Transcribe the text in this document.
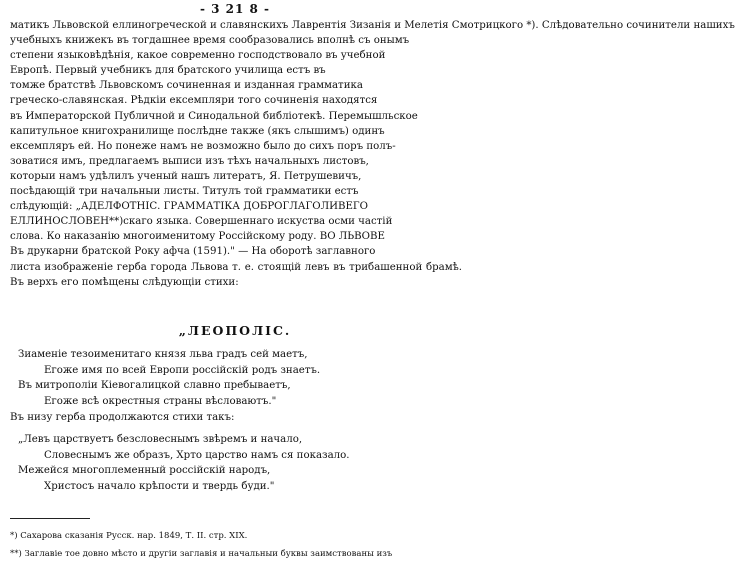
- 3 21 8 -
матикъ Львовской еллиногреческой и славянскихъ Лаврентія Зизанія и Мелетія Смотрицкого *). Слѣдовательно сочинители нашихъ
учебныхъ книжекъ въ тогдашнее время сообразовались вполнѣ съ онымъ
степени языковѣдѣнія, какое современно господствовало въ учебной
Европѣ. Первый учебникъ для братского училища естъ въ
томже братствѣ Львовскомъ сочиненная и изданная грамматика
греческо-славянская. Рѣдкіи ексемпляри того сочиненія находятся
въ Императорской Публичной и Синодальной библіотекѣ. Перемышльское
капитульное книгохранилище послѣдне также (якъ слышимъ) одинъ
ексемпляръ ей. Но понеже намъ не возможно было до сихъ поръ полъ-
зоватися имъ, предлагаемъ выписи изъ тѣхъ начальныхъ листовъ,
которыи намъ удѣлилъ ученый нашъ литератъ, Я. Петрушевичъ,
посѣдающій три начальныи листы. Титулъ той грамматики естъ
слѣдующій: „АДЕЛФОТНІС. ГРАММАТІКА ДОБРОГЛАГОЛИВЕГО
ЕЛЛИНОСЛОВЕН**)скаго языка. Совершеннаго искуства осми частій
слова. Ко наказанію многоименитому Россійскому роду. ВО ЛЬВОВЕ
Въ друкарни братской Року афча (1591)." — На оборотѣ заглавного
листа изображеніе герба города Львова т. е. стоящій левъ въ трибашенной брамѣ. Въ верхъ его помѣщены слѣдующіи стихи:
„ЛЕОПОЛІС.
Зиаменіе тезоименитаго князя льва градъ сей маетъ,
Егоже имя по всей Европи россійскій родъ знаетъ.
Въ митрополіи Кіевогалицкой славно пребываетъ,
Егоже всѣ окрестныя страны вѣсловаютъ."
Въ низу герба продолжаются стихи такъ:
„Левъ царствуетъ безсловеснымъ звѣремъ и начало,
Словеснымъ же образъ, Хрто царство намъ ся показало.
Межейся многоплеменный россійскій народъ,
Христосъ начало крѣпости и твердь буди."
*) Сахарова сказанія Русск. нар. 1849, Т. II. стр. XIX.
**) Заглавіе тое довно мѣсто и другіи заглавія и начальныи буквы заимствованы изъ
